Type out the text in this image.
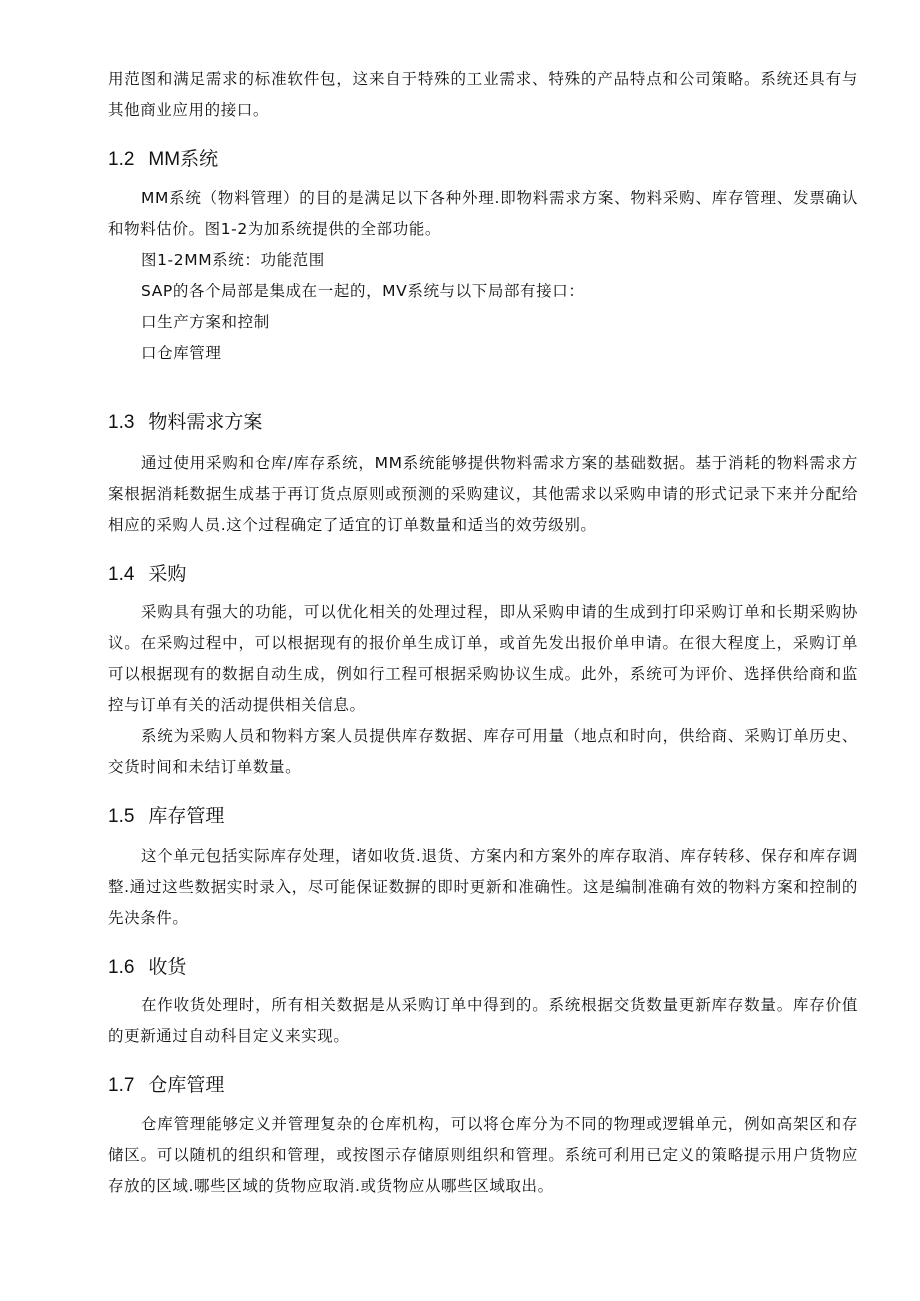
用范图和满足需求的标准软件包，这来自于特殊的工业需求、特殊的产品特点和公司策略。系统还具有与其他商业应用的接口。

1.2 MM系统

MM系统（物料管理）的目的是满足以下各种外理.即物料需求方案、物料采购、库存管理、发票确认和物料估价。图1-2为加系统提供的全部功能。

图1-2MM系统：功能范围

SAP的各个局部是集成在一起的，MV系统与以下局部有接口：

口生产方案和控制

口仓库管理

1.3 物料需求方案

通过使用采购和仓库/库存系统，MM系统能够提供物料需求方案的基础数据。基于消耗的物料需求方案根据消耗数据生成基于再订货点原则或预测的采购建议，其他需求以采购申请的形式记录下来并分配给相应的采购人员.这个过程确定了适宜的订单数量和适当的效劳级别。

1.4 采购

采购具有强大的功能，可以优化相关的处理过程，即从采购申请的生成到打印采购订单和长期采购协议。在采购过程中，可以根据现有的报价单生成订单，或首先发出报价单申请。在很大程度上，采购订单可以根据现有的数据自动生成，例如行工程可根据采购协议生成。此外，系统可为评价、选择供给商和监控与订单有关的活动提供相关信息。

系统为采购人员和物料方案人员提供库存数据、库存可用量（地点和时向，供给商、采购订单历史、交货时间和未结订单数量。

1.5 库存管理

这个单元包括实际库存处理，诸如收货.退货、方案内和方案外的库存取消、库存转移、保存和库存调整.通过这些数据实时录入，尽可能保证数摒的即时更新和准确性。这是编制准确有效的物料方案和控制的先决条件。

1.6 收货

在作收货处理时，所有相关数据是从采购订单中得到的。系统根据交货数量更新库存数量。库存价值的更新通过自动科目定义来实现。

1.7 仓库管理

仓库管理能够定义并管理复杂的仓库机构，可以将仓库分为不同的物理或逻辑单元，例如高架区和存储区。可以随机的组织和管理，或按图示存储原则组织和管理。系统可利用已定义的策略提示用户货物应存放的区域.哪些区域的货物应取消.或货物应从哪些区域取出。
